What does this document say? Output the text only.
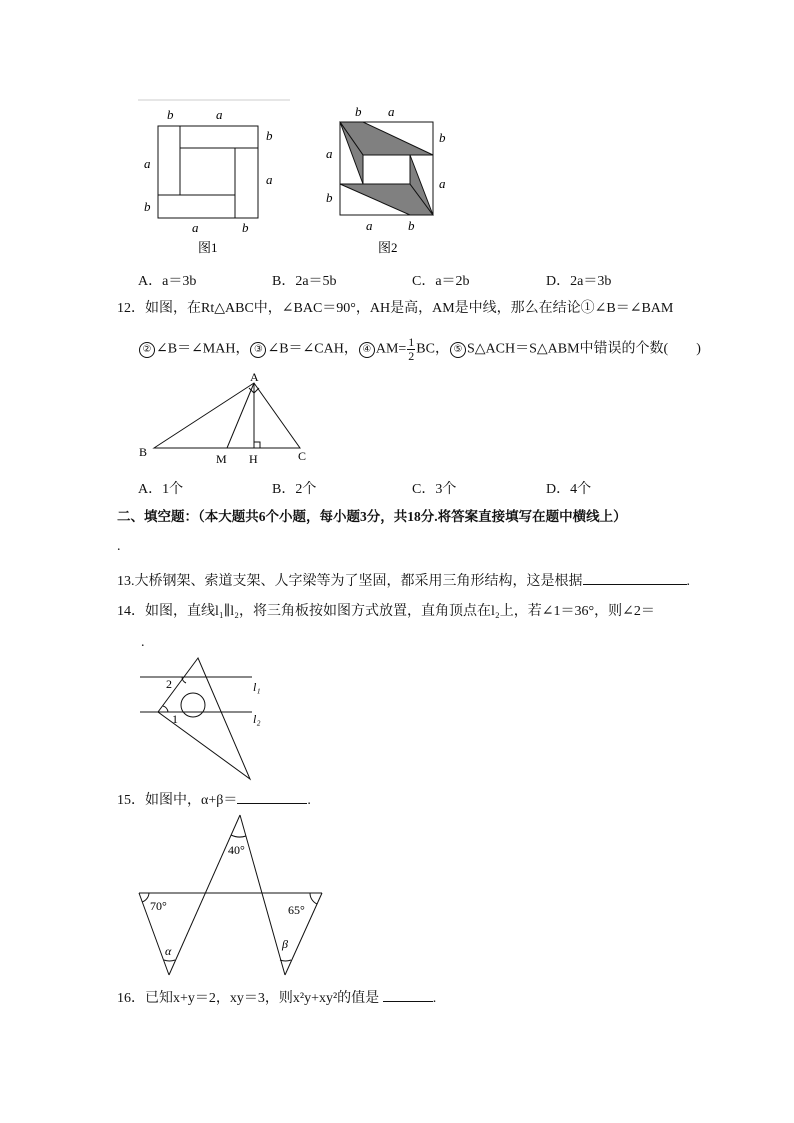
b	a
b
a
a
b
a	b
图1
b a
b
a
a
b
a	b
图2
A．a＝3b	B．2a＝5b	C．a＝2b	D．2a＝3b
12．如图，在Rt△ABC中，∠BAC＝90°，AH是高，AM是中线，那么在结论①∠B＝∠BAM
② ∠B＝∠MAH， ③ ∠B＝∠CAH， ④ $AM= \frac{1}{2}$ BC， ⑤ S△ACH＝S△ABM中错误的个数(　　)
A
B	M H	C
A．1个	B．2个	C．3个	D．4个
二、填空题：（本大题共6个小题，每小题3分，共18分.将答案直接填写在题中横线上）
.
13.大桥钢架、索道支架、人字梁等为了坚固，都采用三角形结构，这是根据	.
14．如图，直线l₁∥l₂，将三角板按如图方式放置，直角顶点在l₂上，若∠1＝36°，则∠2＝
.
2
1
l₁
l₂
15．如图中，α+β＝	.
40°
70°	65°
α	β
16．已知x+y＝2，xy＝3，则x²y+xy²的值是	.
